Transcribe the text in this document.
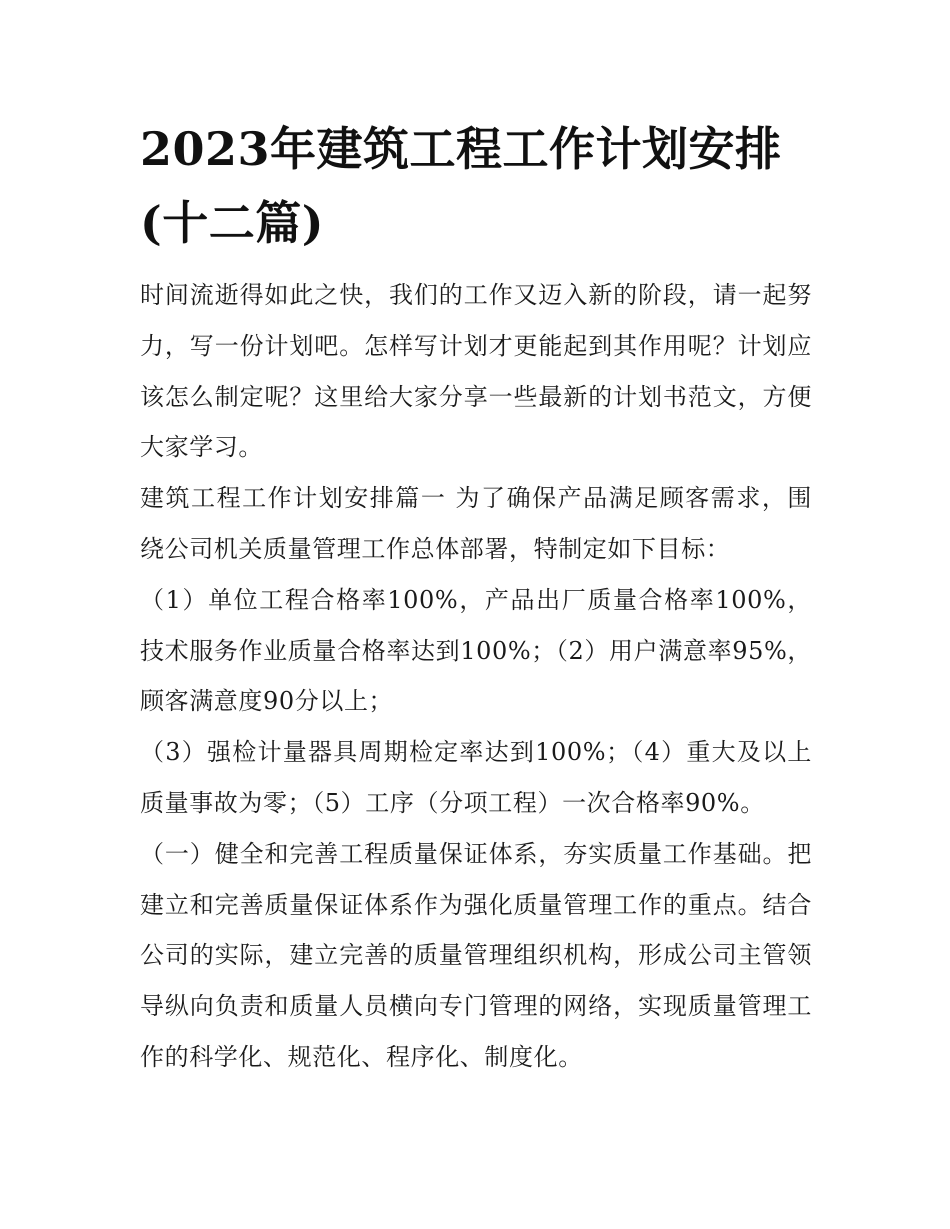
2023年建筑工程工作计划安排(十二篇)

时间流逝得如此之快，我们的工作又迈入新的阶段，请一起努力，写一份计划吧。怎样写计划才更能起到其作用呢？计划应该怎么制定呢？这里给大家分享一些最新的计划书范文，方便大家学习。

建筑工程工作计划安排篇一 为了确保产品满足顾客需求，围绕公司机关质量管理工作总体部署，特制定如下目标：

（1）单位工程合格率100%，产品出厂质量合格率100%，技术服务作业质量合格率达到100%；（2）用户满意率95%，顾客满意度90分以上；

（3）强检计量器具周期检定率达到100%；（4）重大及以上质量事故为零；（5）工序（分项工程）一次合格率90%。

（一）健全和完善工程质量保证体系，夯实质量工作基础。把建立和完善质量保证体系作为强化质量管理工作的重点。结合公司的实际，建立完善的质量管理组织机构，形成公司主管领导纵向负责和质量人员横向专门管理的网络，实现质量管理工作的科学化、规范化、程序化、制度化。
